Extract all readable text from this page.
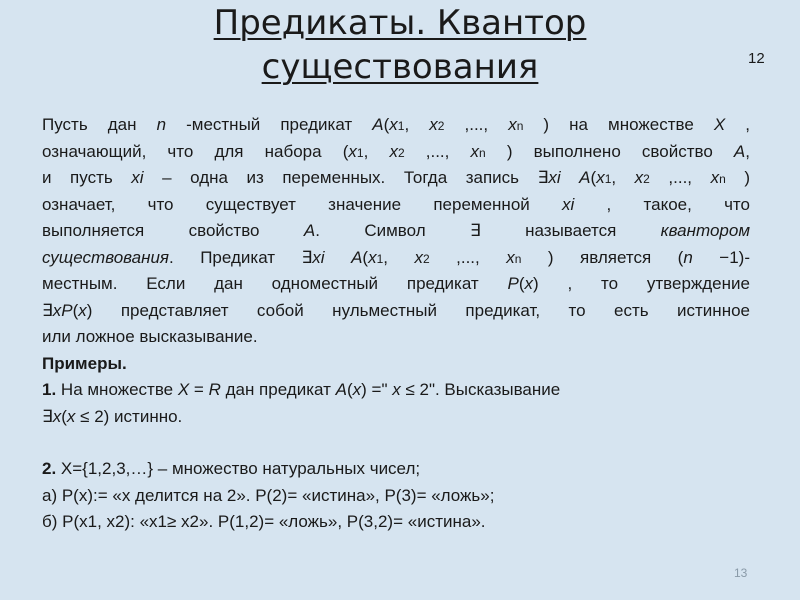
Предикаты. Квантор
существования	12
Пусть дан n -местный предикат A(x1, x2 ,..., xn ) на множестве X ,
означающий, что для набора (x1, x2 ,..., xn ) выполнено свойство A,
и пусть xi – одна из переменных. Тогда запись ∃xi A(x1, x2 ,..., xn )
означает, что существует значение переменной xi , такое, что
выполняется свойство A. Символ ∃ называется квантором
существования. Предикат ∃xi A(x1, x2 ,..., xn ) является (n −1)-
местным. Если дан одноместный предикат P(x) , то утверждение
∃xP(x) представляет собой нульместный предикат, то есть истинное
или ложное высказывание.
Примеры.
1. На множестве X = R дан предикат A(x) =" x ≤ 2". Высказывание
∃x(x ≤ 2) истинно.
2. X={1,2,3,…} – множество натуральных чисел;
а) P(x):= «х делится на 2». P(2)= «истина», P(3)= «ложь»;
б) P(x1, x2): «x1≥ x2». P(1,2)= «ложь», P(3,2)= «истина».
13
